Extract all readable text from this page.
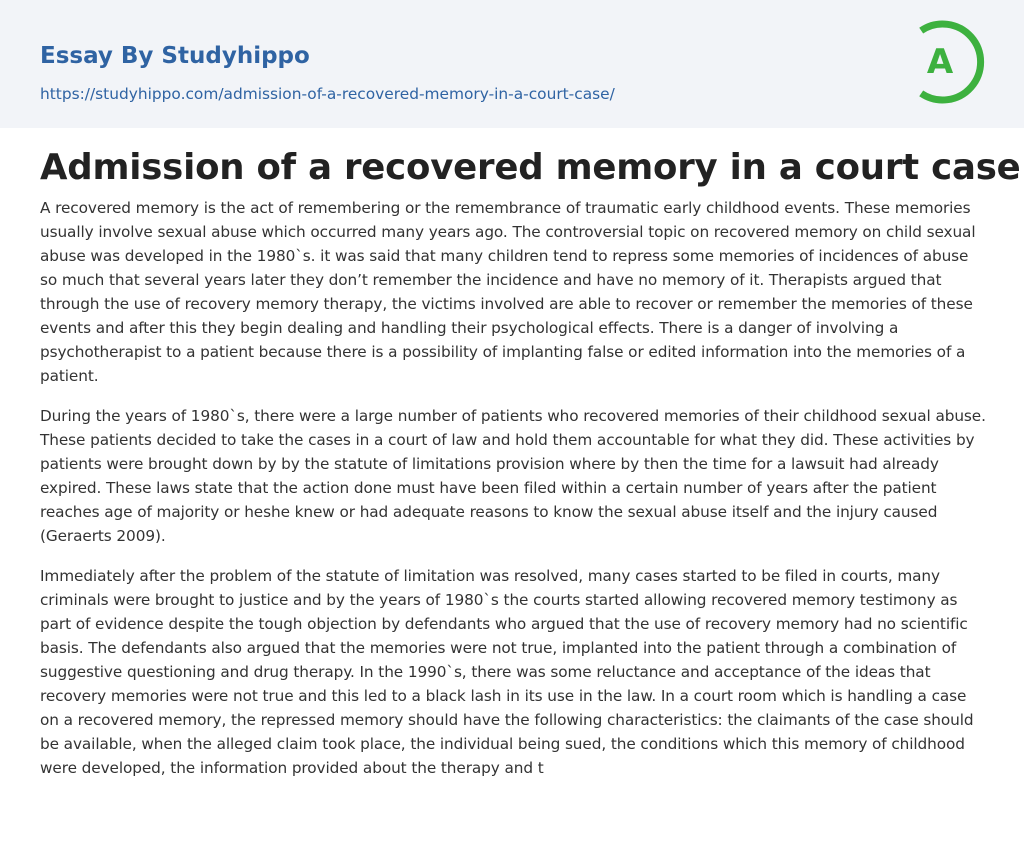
Essay By Studyhippo
https://studyhippo.com/admission-of-a-recovered-memory-in-a-court-case/
A
Admission of a recovered memory in a court case

A recovered memory is the act of remembering or the remembrance of traumatic early childhood events. These memories usually involve sexual abuse which occurred many years ago. The controversial topic on recovered memory on child sexual abuse was developed in the 1980`s. it was said that many children tend to repress some memories of incidences of abuse so much that several years later they don’t remember the incidence and have no memory of it. Therapists argued that through the use of recovery memory therapy, the victims involved are able to recover or remember the memories of these events and after this they begin dealing and handling their psychological effects. There is a danger of involving a psychotherapist to a patient because there is a possibility of implanting false or edited information into the memories of a patient.

During the years of 1980`s, there were a large number of patients who recovered memories of their childhood sexual abuse. These patients decided to take the cases in a court of law and hold them accountable for what they did. These activities by patients were brought down by by the statute of limitations provision where by then the time for a lawsuit had already expired. These laws state that the action done must have been filed within a certain number of years after the patient reaches age of majority or heshe knew or had adequate reasons to know the sexual abuse itself and the injury caused (Geraerts 2009).

Immediately after the problem of the statute of limitation was resolved, many cases started to be filed in courts, many criminals were brought to justice and by the years of 1980`s the courts started allowing recovered memory testimony as part of evidence despite the tough objection by defendants who argued that the use of recovery memory had no scientific basis. The defendants also argued that the memories were not true, implanted into the patient through a combination of suggestive questioning and drug therapy. In the 1990`s, there was some reluctance and acceptance of the ideas that recovery memories were not true and this led to a black lash in its use in the law. In a court room which is handling a case on a recovered memory, the repressed memory should have the following characteristics: the claimants of the case should be available, when the alleged claim took place, the individual being sued, the conditions which this memory of childhood were developed, the information provided about the therapy and t
